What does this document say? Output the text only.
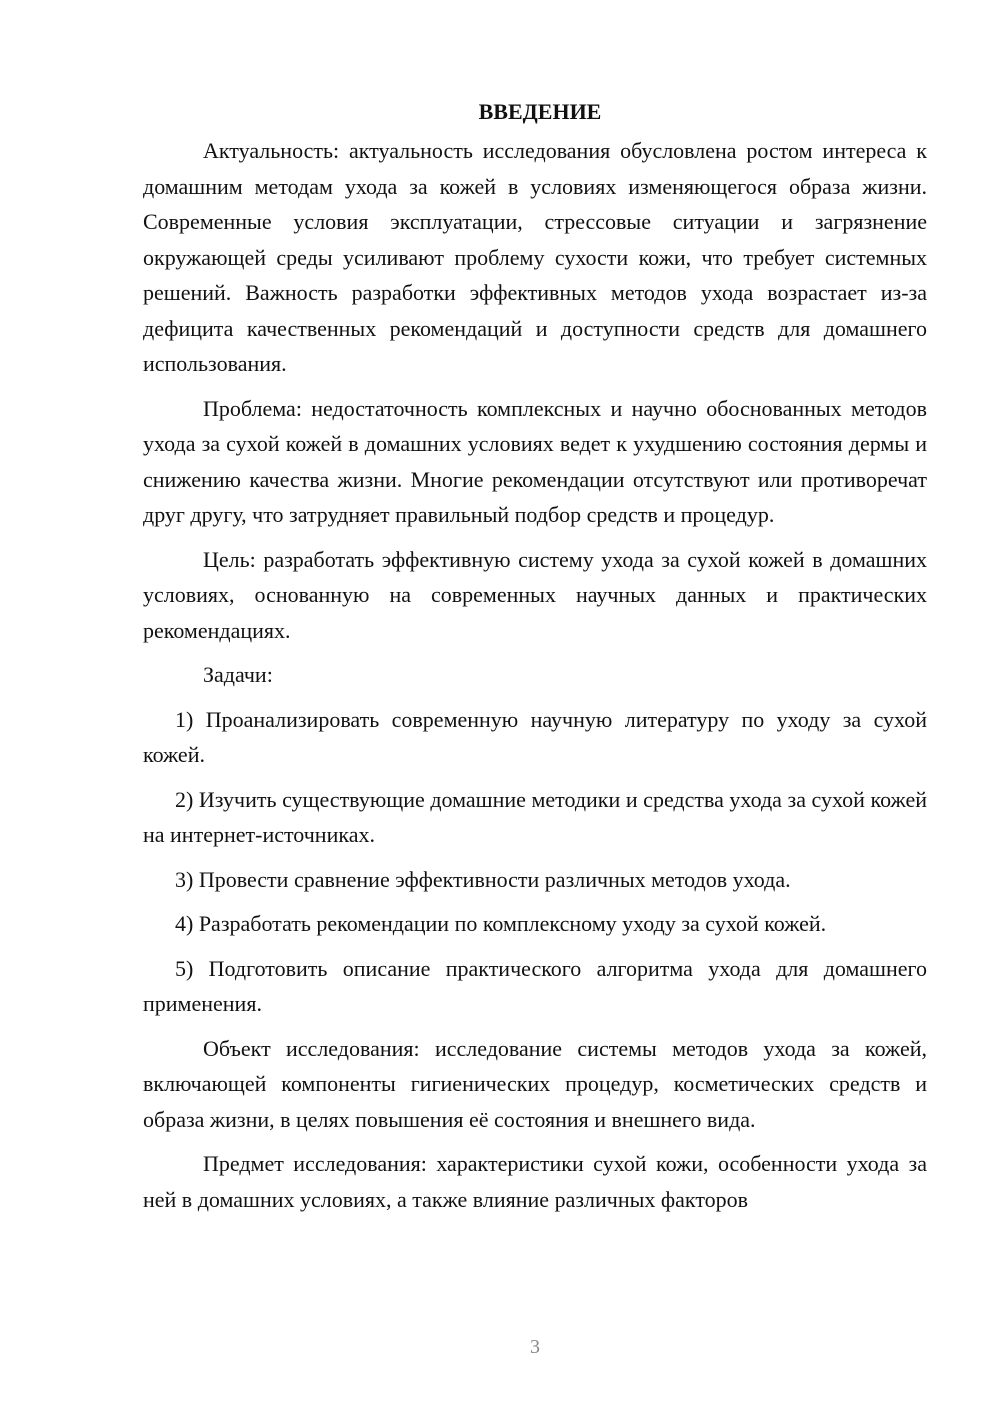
ВВЕДЕНИЕ

Актуальность: актуальность исследования обусловлена ростом интереса к домашним методам ухода за кожей в условиях изменяющегося образа жизни. Современные условия эксплуатации, стрессовые ситуации и загрязнение окружающей среды усиливают проблему сухости кожи, что требует системных решений. Важность разработки эффективных методов ухода возрастает из-за дефицита качественных рекомендаций и доступности средств для домашнего использования.

Проблема: недостаточность комплексных и научно обоснованных методов ухода за сухой кожей в домашних условиях ведет к ухудшению состояния дермы и снижению качества жизни. Многие рекомендации отсутствуют или противоречат друг другу, что затрудняет правильный подбор средств и процедур.

Цель: разработать эффективную систему ухода за сухой кожей в домашних условиях, основанную на современных научных данных и практических рекомендациях.

Задачи:

1) Проанализировать современную научную литературу по уходу за сухой кожей.

2) Изучить существующие домашние методики и средства ухода за сухой кожей на интернет-источниках.

3) Провести сравнение эффективности различных методов ухода.

4) Разработать рекомендации по комплексному уходу за сухой кожей.

5) Подготовить описание практического алгоритма ухода для домашнего применения.

Объект исследования: исследование системы методов ухода за кожей, включающей компоненты гигиенических процедур, косметических средств и образа жизни, в целях повышения её состояния и внешнего вида.

Предмет исследования: характеристики сухой кожи, особенности ухода за ней в домашних условиях, а также влияние различных факторов

3
